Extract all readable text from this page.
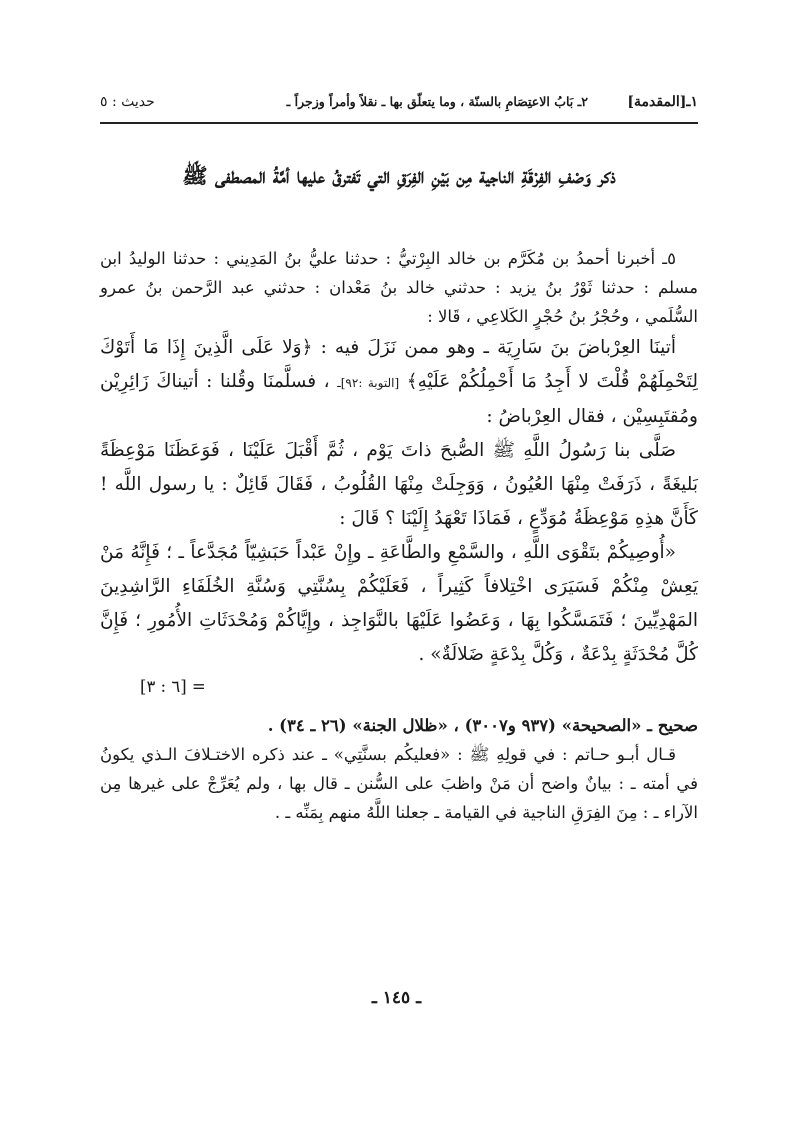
١ـ[المقدمة]
٢ـ بَابُ الاعتِصَامِ بالسنّة ، وما يتعلّق بها ـ نقلاً وأمراً وزجراً ـ
حديث : ٥
ذكر وَصْفِ الفِرْقَةِ الناجية مِن بَيْنِ الفِرَقِ التي تَفترقُ عليها أمَّةُ المصطفى ﷺ

٥ـ أخبرنا أحمدُ بن مُكَرَّم بن خالد البِرْتيُّ : حدثنا عليُّ بنُ المَدِيني : حدثنا الوليدُ ابن مسلم : حدثنا ثَوْرُ بنُ يزيد : حدثني خالد بنُ مَعْدان : حدثني عبد الرَّحمن بنُ عمرو السُّلَمي ، وحُجْرُ بنُ حُجْرٍ الكَلاعِي ، قَالا :

أتينَا العِرْباضَ بنَ سَارِيَة ـ وهو ممن نَزَلَ فيه : ﴿وَلا عَلَى الَّذِينَ إِذَا مَا أَتَوْكَ لِتَحْمِلَهُمْ قُلْتَ لا أَجِدُ مَا أَحْمِلُكُمْ عَلَيْهِ﴾ [التوبة :٩٢]ـ ، فسلَّمنَا وقُلنا : أتيناكَ زَائِرِيْن ومُقتَبِسِيْن ، فقال العِرْباضُ :

صَلَّى بنا رَسُولُ اللَّهِ ﷺ الصُّبحَ ذاتَ يَوْم ، ثُمَّ أَقْبَلَ عَلَيْنَا ، فَوَعَظَنَا مَوْعِظَةً بَليغَةً ، ذَرَفَتْ مِنْهَا العُيُونُ ، وَوَجِلَتْ مِنْهَا القُلُوبُ ، فَقَالَ قَائِلٌ : يا رسول اللَّه ! كَأَنَّ هذِهِ مَوْعِظَةُ مُوَدِّعٍ ، فَمَاذَا تَعْهَدُ إِلَيْنَا ؟ قَالَ :

«أُوصِيكُمْ بتَقْوَى اللَّهِ ، والسَّمْعِ والطَّاعَةِ ـ وإِنْ عَبْداً حَبَشِيّاً مُجَدَّعاً ـ ؛ فَإِنَّهُ مَنْ يَعِشْ مِنْكُمْ فَسَيَرَى اخْتِلافاً كَثِيراً ، فَعَلَيْكُمْ بِسُنَّتِي وَسُنَّةِ الخُلَفَاءِ الرَّاشِدِينَ المَهْدِيِّينَ ؛ فَتَمَسَّكُوا بِهَا ، وَعَضُوا عَلَيْهَا بالنَّوَاجِذ ، وإِيَّاكُمْ وَمُحْدَثَاتِ الأُمُورِ ؛ فَإِنَّ كُلَّ مُحْدَثَةٍ بِدْعَةٌ ، وَكُلَّ بِدْعَةٍ ضَلالَةٌ» .

[٦ : ٣] =

صحيح ـ «الصحيحة» (٩٣٧ و٣٠٠٧) ، «ظلال الجنة» (٢٦ ـ ٣٤) .

قـال أبـو حـاتم : في قولِهِ ﷺ : «فعليكُم بسنَّتِي» ـ عند ذكره الاختـلافَ الـذي يكونُ في أمته ـ : بيانٌ واضح أن مَنْ واظبَ على السُّنن ـ قال بها ، ولم يُعَرِّجْ على غيرها مِن الآراء ـ : مِنَ الفِرَقِ الناجية في القيامة ـ جعلنا اللَّهُ منهم بِمَنِّه ـ .

ـ ١٤٥ ـ
